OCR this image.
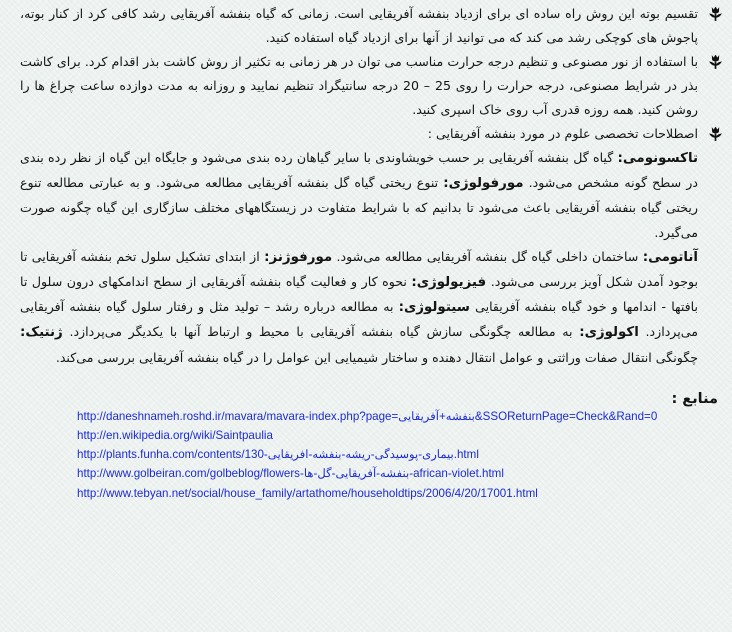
تقسیم بوته این روش راه ساده ای برای ازدیاد بنفشه آفریقایی است. زمانی که گیاه بنفشه آفریقایی رشد کافی کرد از کنار بوته، پاجوش های کوچکی رشد می کند که می توانید از آنها برای ازدیاد گیاه استفاده کنید.
با استفاده از نور مصنوعی و تنظیم درجه حرارت مناسب می توان در هر زمانی به تکثیر از روش کاشت بذر اقدام کرد. برای کاشت بذر در شرایط مصنوعی، درجه حرارت را روی 25 – 20 درجه سانتیگراد تنظیم نمایید و روزانه به مدت دوازده ساعت چراغ ها را روشن کنید. همه روزه قدری آب روی خاک اسپری کنید.
اصطلاحات تخصصی علوم در مورد بنفشه آفریقایی :
تاکسونومی: گیاه گل بنفشه آفریقایی بر حسب خویشاوندی با سایر گیاهان رده بندی می‌شود و جایگاه این گیاه از نظر رده بندی در سطح گونه مشخص می‌شود. مورفولوژی: تنوع ریختی گیاه گل بنفشه آفریقایی مطالعه می‌شود. و به عبارتی مطالعه تنوع ریختی گیاه بنفشه آفریقایی باعث می‌شود تا بدانیم که با شرایط متفاوت در زیستگاههای مختلف سازگاری این گیاه چگونه صورت می‌گیرد.
آناتومی: ساختمان داخلی گیاه گل بنفشه آفریقایی مطالعه می‌شود. مورفوژنز: از ابتدای تشکیل سلول تخم بنفشه آفریقایی تا بوجود آمدن شکل آویز بررسی می‌شود. فیزیولوژی: نحوه کار و فعالیت گیاه بنفشه آفریقایی از سطح اندامکهای درون سلول تا بافتها - اندامها و خود گیاه بنفشه آفریقایی سیتولوژی: به مطالعه درباره رشد – تولید مثل و رفتار سلول گیاه بنفشه آفریقایی می‌پردازد. اکولوژی: به مطالعه چگونگی سازش گیاه بنفشه آفریقایی با محیط و ارتباط آنها با یکدیگر می‌پردازد. ژنتیک: چگونگی انتقال صفات وراثتی و عوامل انتقال دهنده و ساختار شیمیایی این عوامل را در گیاه بنفشه آفریقایی بررسی می‌کند.
منابع :
http://daneshnameh.roshd.ir/mavara/mavara-index.php?page=بنفشه+آفریقایی&SSOReturnPage=Check&Rand=0
http://en.wikipedia.org/wiki/Saintpaulia
http://plants.funha.com/contents/130-بیماری-پوسیدگی-ریشه-بنفشه-افریقایی.html
http://www.golbeiran.com/golbeblog/flowers-بنفشه-آفریقایی-گل-ها-african-violet.html
http://www.tebyan.net/social/house_family/artathome/householdtips/2006/4/20/17001.html
